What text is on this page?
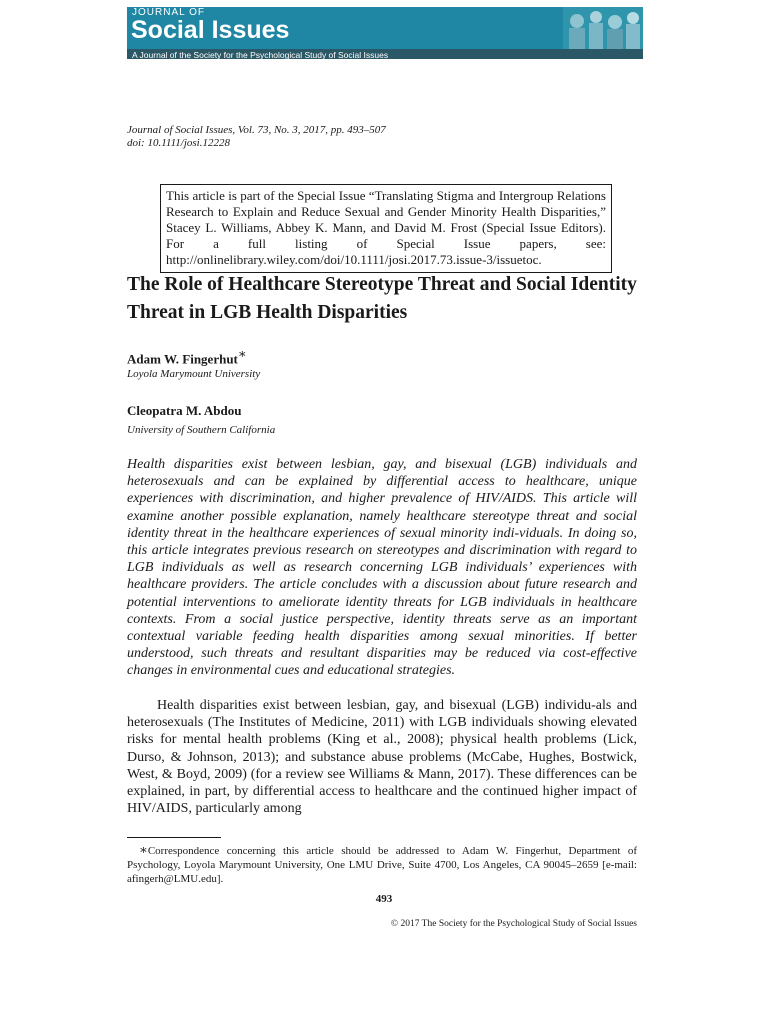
JOURNAL OF
Social Issues
A Journal of the Society for the Psychological Study of Social Issues
Journal of Social Issues, Vol. 73, No. 3, 2017, pp. 493–507
doi: 10.1111/josi.12228
This article is part of the Special Issue “Translating Stigma and Intergroup Relations Research to Explain and Reduce Sexual and Gender Minority Health Disparities,” Stacey L. Williams, Abbey K. Mann, and David M. Frost (Special Issue Editors). For a full listing of Special Issue papers, see: http://onlinelibrary.wiley.com/doi/10.1111/josi.2017.73.issue-3/issuetoc.
The Role of Healthcare Stereotype Threat and Social Identity Threat in LGB Health Disparities
Adam W. Fingerhut∗
Loyola Marymount University
Cleopatra M. Abdou
University of Southern California
Health disparities exist between lesbian, gay, and bisexual (LGB) individuals and heterosexuals and can be explained by differential access to healthcare, unique experiences with discrimination, and higher prevalence of HIV/AIDS. This article will examine another possible explanation, namely healthcare stereotype threat and social identity threat in the healthcare experiences of sexual minority indi-viduals. In doing so, this article integrates previous research on stereotypes and discrimination with regard to LGB individuals as well as research concerning LGB individuals’ experiences with healthcare providers. The article concludes with a discussion about future research and potential interventions to ameliorate identity threats for LGB individuals in healthcare contexts. From a social justice perspective, identity threats serve as an important contextual variable feeding health disparities among sexual minorities. If better understood, such threats and resultant disparities may be reduced via cost-effective changes in environmental cues and educational strategies.
Health disparities exist between lesbian, gay, and bisexual (LGB) individu-als and heterosexuals (The Institutes of Medicine, 2011) with LGB individuals showing elevated risks for mental health problems (King et al., 2008); physical health problems (Lick, Durso, & Johnson, 2013); and substance abuse problems (McCabe, Hughes, Bostwick, West, & Boyd, 2009) (for a review see Williams & Mann, 2017). These differences can be explained, in part, by differential access to healthcare and the continued higher impact of HIV/AIDS, particularly among
∗Correspondence concerning this article should be addressed to Adam W. Fingerhut, Department of Psychology, Loyola Marymount University, One LMU Drive, Suite 4700, Los Angeles, CA 90045–2659 [e-mail: afingerh@LMU.edu].
493
© 2017 The Society for the Psychological Study of Social Issues
